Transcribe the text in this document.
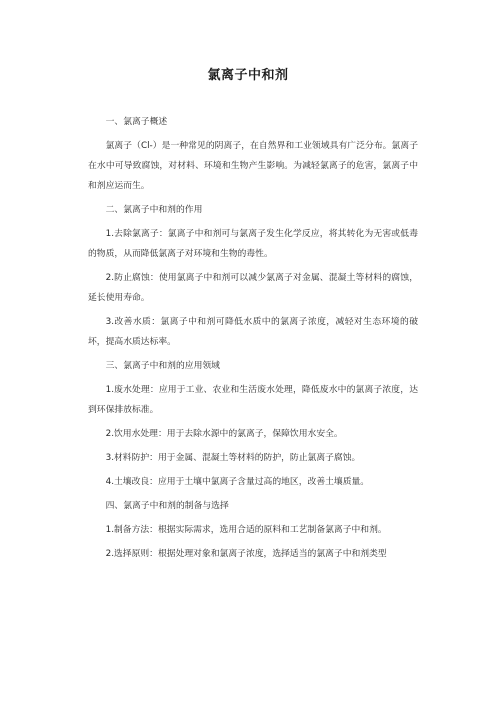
氯离子中和剂
一、氯离子概述
氯离子（Cl-）是一种常见的阴离子，在自然界和工业领域具有广泛分布。氯离子在水中可导致腐蚀，对材料、环境和生物产生影响。为减轻氯离子的危害，氯离子中和剂应运而生。
二、氯离子中和剂的作用
1.去除氯离子：氯离子中和剂可与氯离子发生化学反应，将其转化为无害或低毒的物质，从而降低氯离子对环境和生物的毒性。
2.防止腐蚀：使用氯离子中和剂可以减少氯离子对金属、混凝土等材料的腐蚀，延长使用寿命。
3.改善水质：氯离子中和剂可降低水质中的氯离子浓度，减轻对生态环境的破坏，提高水质达标率。
三、氯离子中和剂的应用领域
1.废水处理：应用于工业、农业和生活废水处理，降低废水中的氯离子浓度，达到环保排放标准。
2.饮用水处理：用于去除水源中的氯离子，保障饮用水安全。
3.材料防护：用于金属、混凝土等材料的防护，防止氯离子腐蚀。
4.土壤改良：应用于土壤中氯离子含量过高的地区，改善土壤质量。
四、氯离子中和剂的制备与选择
1.制备方法：根据实际需求，选用合适的原料和工艺制备氯离子中和剂。
2.选择原则：根据处理对象和氯离子浓度，选择适当的氯离子中和剂类型
